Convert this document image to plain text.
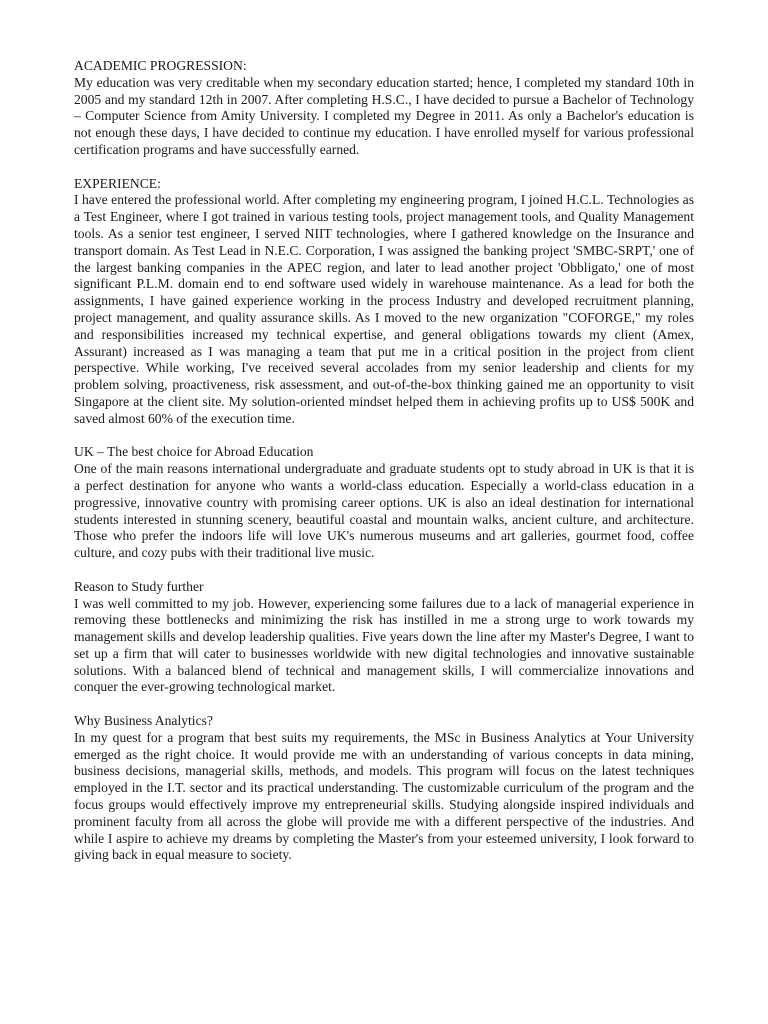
ACADEMIC PROGRESSION:

My education was very creditable when my secondary education started; hence, I completed my standard 10th in 2005 and my standard 12th in 2007. After completing H.S.C., I have decided to pursue a Bachelor of Technology – Computer Science from Amity University. I completed my Degree in 2011. As only a Bachelor's education is not enough these days, I have decided to continue my education. I have enrolled myself for various professional certification programs and have successfully earned.

EXPERIENCE:

I have entered the professional world. After completing my engineering program, I joined H.C.L. Technologies as a Test Engineer, where I got trained in various testing tools, project management tools, and Quality Management tools. As a senior test engineer, I served NIIT technologies, where I gathered knowledge on the Insurance and transport domain. As Test Lead in N.E.C. Corporation, I was assigned the banking project 'SMBC-SRPT,' one of the largest banking companies in the APEC region, and later to lead another project 'Obbligato,' one of most significant P.L.M. domain end to end software used widely in warehouse maintenance. As a lead for both the assignments, I have gained experience working in the process Industry and developed recruitment planning, project management, and quality assurance skills. As I moved to the new organization "COFORGE," my roles and responsibilities increased my technical expertise, and general obligations towards my client (Amex, Assurant) increased as I was managing a team that put me in a critical position in the project from client perspective. While working, I've received several accolades from my senior leadership and clients for my problem solving, proactiveness, risk assessment, and out-of-the-box thinking gained me an opportunity to visit Singapore at the client site. My solution-oriented mindset helped them in achieving profits up to US$ 500K and saved almost 60% of the execution time.

UK – The best choice for Abroad Education

One of the main reasons international undergraduate and graduate students opt to study abroad in UK is that it is a perfect destination for anyone who wants a world-class education. Especially a world-class education in a progressive, innovative country with promising career options. UK is also an ideal destination for international students interested in stunning scenery, beautiful coastal and mountain walks, ancient culture, and architecture. Those who prefer the indoors life will love UK's numerous museums and art galleries, gourmet food, coffee culture, and cozy pubs with their traditional live music.

Reason to Study further

I was well committed to my job. However, experiencing some failures due to a lack of managerial experience in removing these bottlenecks and minimizing the risk has instilled in me a strong urge to work towards my management skills and develop leadership qualities. Five years down the line after my Master's Degree, I want to set up a firm that will cater to businesses worldwide with new digital technologies and innovative sustainable solutions. With a balanced blend of technical and management skills, I will commercialize innovations and conquer the ever-growing technological market.

Why Business Analytics?

In my quest for a program that best suits my requirements, the MSc in Business Analytics at Your University emerged as the right choice. It would provide me with an understanding of various concepts in data mining, business decisions, managerial skills, methods, and models. This program will focus on the latest techniques employed in the I.T. sector and its practical understanding. The customizable curriculum of the program and the focus groups would effectively improve my entrepreneurial skills. Studying alongside inspired individuals and prominent faculty from all across the globe will provide me with a different perspective of the industries. And while I aspire to achieve my dreams by completing the Master's from your esteemed university, I look forward to giving back in equal measure to society.
